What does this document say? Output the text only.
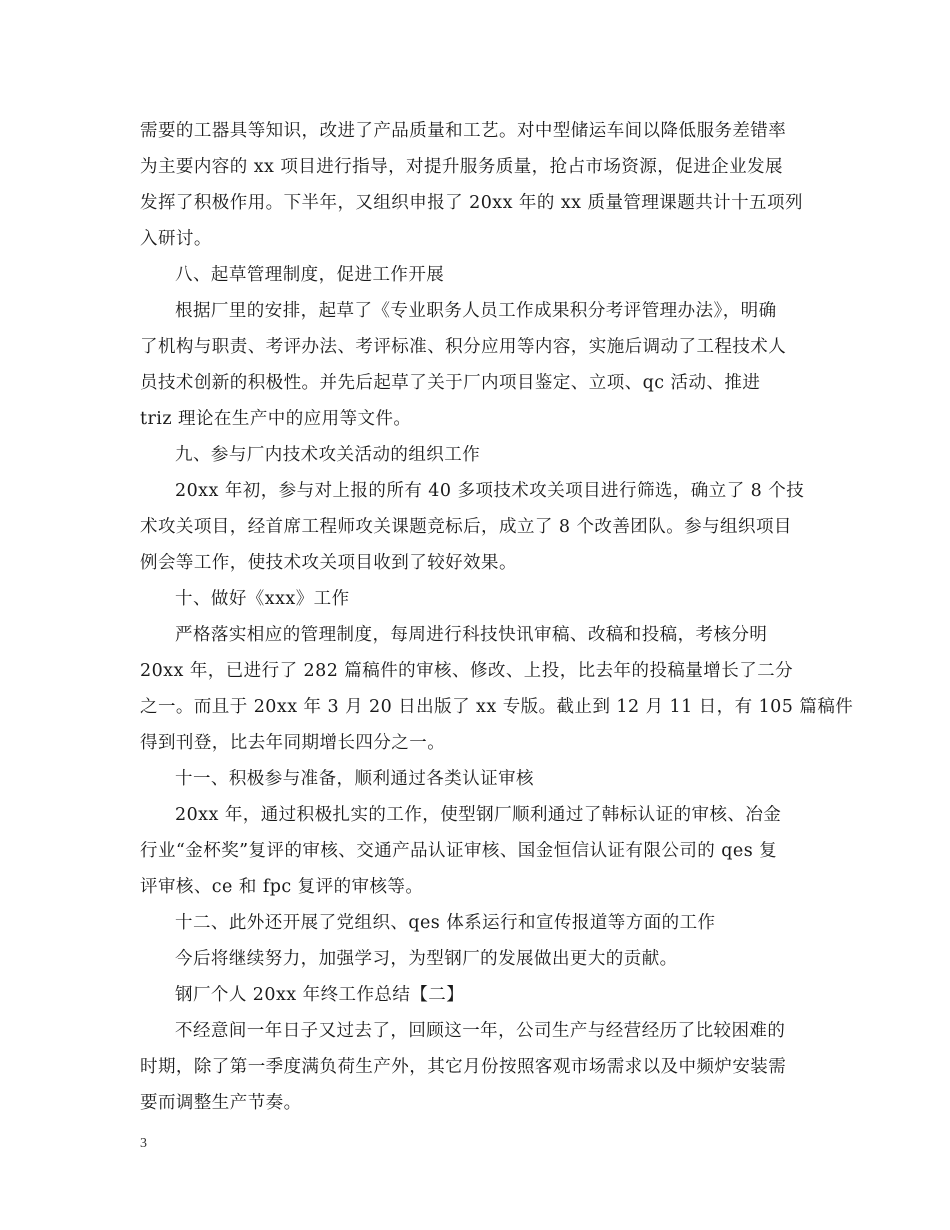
需要的工器具等知识，改进了产品质量和工艺。对中型储运车间以降低服务差错率
为主要内容的 xx 项目进行指导，对提升服务质量，抢占市场资源，促进企业发展
发挥了积极作用。下半年，又组织申报了 20xx 年的 xx 质量管理课题共计十五项列
入研讨。
八、起草管理制度，促进工作开展
根据厂里的安排，起草了《专业职务人员工作成果积分考评管理办法》，明确
了机构与职责、考评办法、考评标准、积分应用等内容，实施后调动了工程技术人
员技术创新的积极性。并先后起草了关于厂内项目鉴定、立项、qc 活动、推进
triz 理论在生产中的应用等文件。
九、参与厂内技术攻关活动的组织工作
20xx 年初，参与对上报的所有 40 多项技术攻关项目进行筛选，确立了 8 个技
术攻关项目，经首席工程师攻关课题竞标后，成立了 8 个改善团队。参与组织项目
例会等工作，使技术攻关项目收到了较好效果。
十、做好《xxx》工作
严格落实相应的管理制度，每周进行科技快讯审稿、改稿和投稿，考核分明
20xx 年，已进行了 282 篇稿件的审核、修改、上投，比去年的投稿量增长了二分
之一。而且于 20xx 年 3 月 20 日出版了 xx 专版。截止到 12 月 11 日，有 105 篇稿件
得到刊登，比去年同期增长四分之一。
十一、积极参与准备，顺利通过各类认证审核
20xx 年，通过积极扎实的工作，使型钢厂顺利通过了韩标认证的审核、冶金
行业“金杯奖”复评的审核、交通产品认证审核、国金恒信认证有限公司的 qes 复
评审核、ce 和 fpc 复评的审核等。
十二、此外还开展了党组织、qes 体系运行和宣传报道等方面的工作
今后将继续努力，加强学习，为型钢厂的发展做出更大的贡献。
钢厂个人 20xx 年终工作总结【二】
不经意间一年日子又过去了，回顾这一年，公司生产与经营经历了比较困难的
时期，除了第一季度满负荷生产外，其它月份按照客观市场需求以及中频炉安装需
要而调整生产节奏。
3
